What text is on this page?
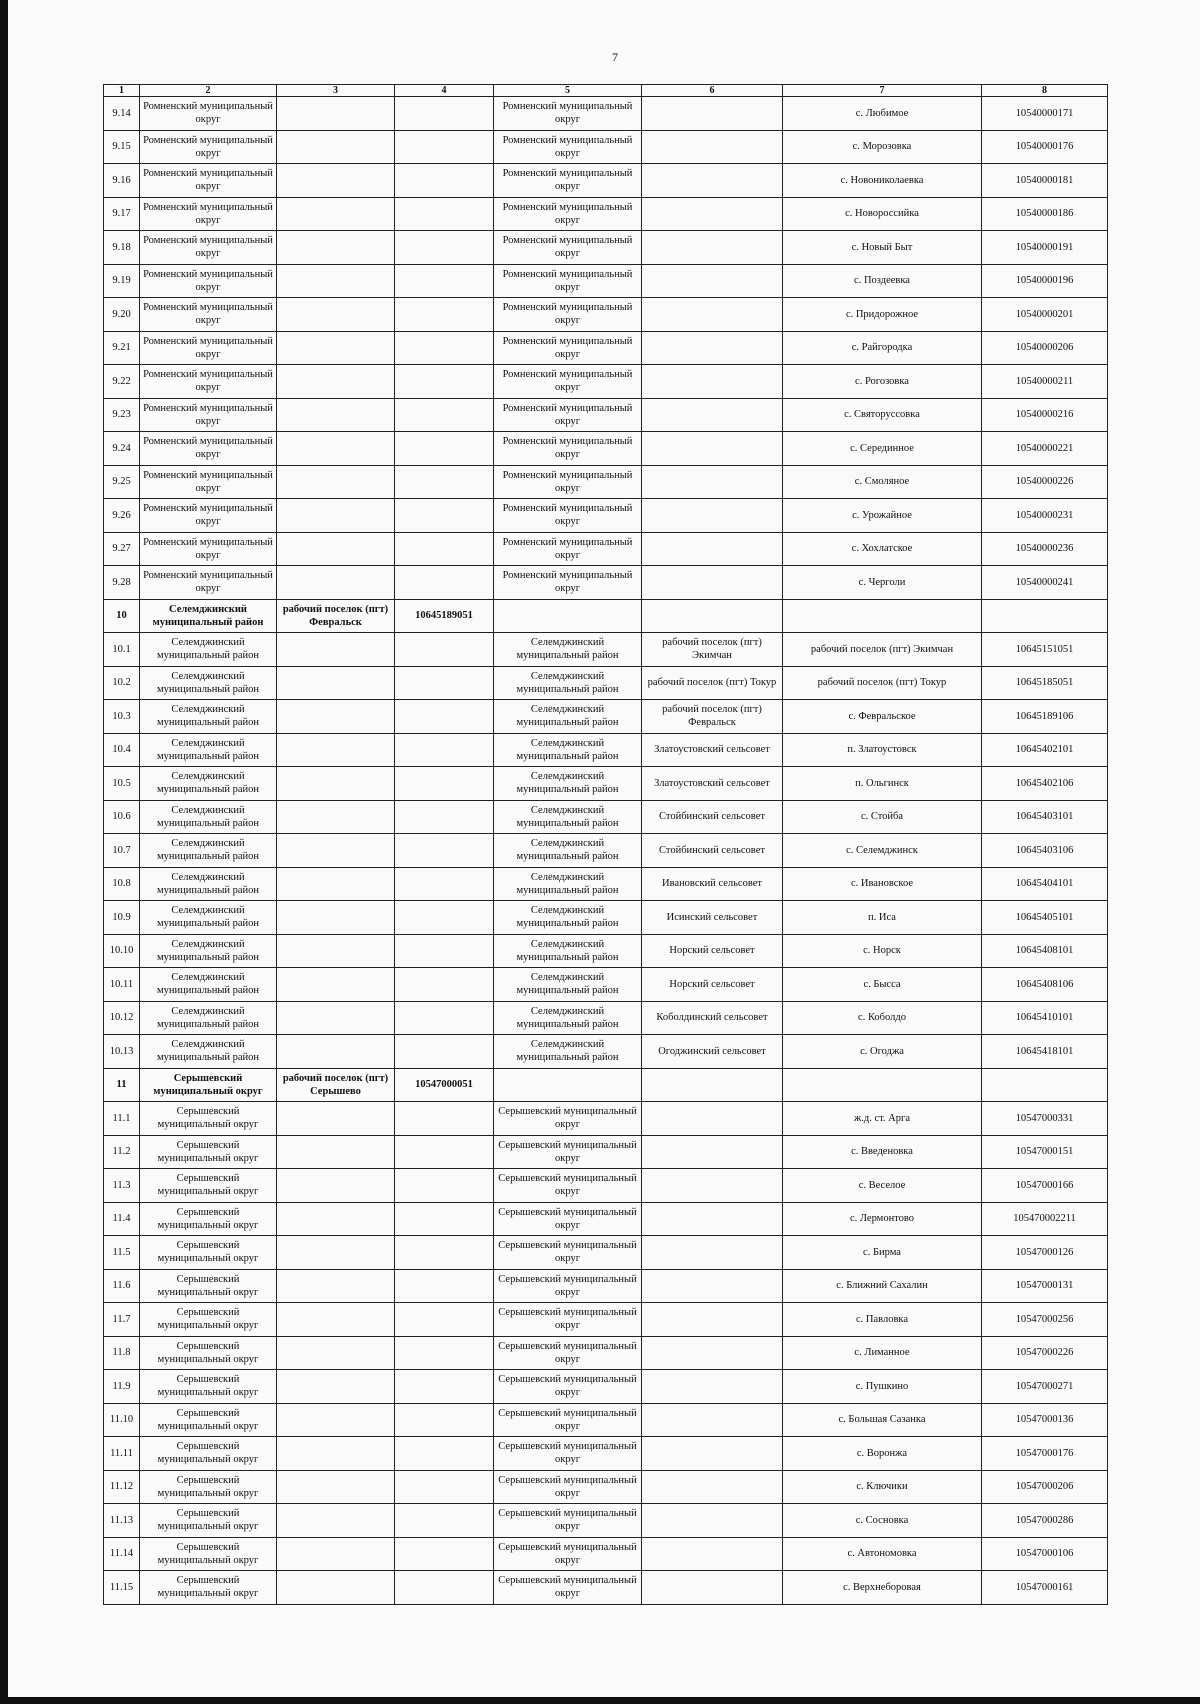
7
1	2	3	4	5	6	7	8
9.14	Ромненский муниципальный округ			Ромненский муниципальный округ		с. Любимое	10540000171
9.15	Ромненский муниципальный округ			Ромненский муниципальный округ		с. Морозовка	10540000176
9.16	Ромненский муниципальный округ			Ромненский муниципальный округ		с. Новониколаевка	10540000181
9.17	Ромненский муниципальный округ			Ромненский муниципальный округ		с. Новороссийка	10540000186
9.18	Ромненский муниципальный округ			Ромненский муниципальный округ		с. Новый Быт	10540000191
9.19	Ромненский муниципальный округ			Ромненский муниципальный округ		с. Поздеевка	10540000196
9.20	Ромненский муниципальный округ			Ромненский муниципальный округ		с. Придорожное	10540000201
9.21	Ромненский муниципальный округ			Ромненский муниципальный округ		с. Райгородка	10540000206
9.22	Ромненский муниципальный округ			Ромненский муниципальный округ		с. Рогозовка	10540000211
9.23	Ромненский муниципальный округ			Ромненский муниципальный округ		с. Святоруссовка	10540000216
9.24	Ромненский муниципальный округ			Ромненский муниципальный округ		с. Серединное	10540000221
9.25	Ромненский муниципальный округ			Ромненский муниципальный округ		с. Смоляное	10540000226
9.26	Ромненский муниципальный округ			Ромненский муниципальный округ		с. Урожайное	10540000231
9.27	Ромненский муниципальный округ			Ромненский муниципальный округ		с. Хохлатское	10540000236
9.28	Ромненский муниципальный округ			Ромненский муниципальный округ		с. Черголи	10540000241
10	Селемджинский муниципальный район	рабочий поселок (пгт) Февральск	10645189051				
10.1	Селемджинский муниципальный район			Селемджинский муниципальный район	рабочий поселок (пгт) Экимчан	рабочий поселок (пгт) Экимчан	10645151051
10.2	Селемджинский муниципальный район			Селемджинский муниципальный район	рабочий поселок (пгт) Токур	рабочий поселок (пгт) Токур	10645185051
10.3	Селемджинский муниципальный район			Селемджинский муниципальный район	рабочий поселок (пгт) Февральск	с. Февральское	10645189106
10.4	Селемджинский муниципальный район			Селемджинский муниципальный район	Златоустовский сельсовет	п. Златоустовск	10645402101
10.5	Селемджинский муниципальный район			Селемджинский муниципальный район	Златоустовский сельсовет	п. Ольгинск	10645402106
10.6	Селемджинский муниципальный район			Селемджинский муниципальный район	Стойбинский сельсовет	с. Стойба	10645403101
10.7	Селемджинский муниципальный район			Селемджинский муниципальный район	Стойбинский сельсовет	с. Селемджинск	10645403106
10.8	Селемджинский муниципальный район			Селемджинский муниципальный район	Ивановский сельсовет	с. Ивановское	10645404101
10.9	Селемджинский муниципальный район			Селемджинский муниципальный район	Исинский сельсовет	п. Иса	10645405101
10.10	Селемджинский муниципальный район			Селемджинский муниципальный район	Норский сельсовет	с. Норск	10645408101
10.11	Селемджинский муниципальный район			Селемджинский муниципальный район	Норский сельсовет	с. Бысса	10645408106
10.12	Селемджинский муниципальный район			Селемджинский муниципальный район	Коболдинский сельсовет	с. Коболдо	10645410101
10.13	Селемджинский муниципальный район			Селемджинский муниципальный район	Огоджинский сельсовет	с. Огоджа	10645418101
11	Серышевский муниципальный округ	рабочий поселок (пгт) Серышево	10547000051				
11.1	Серышевский муниципальный округ			Серышевский муниципальный округ		ж.д. ст. Арга	10547000331
11.2	Серышевский муниципальный округ			Серышевский муниципальный округ		с. Введеновка	10547000151
11.3	Серышевский муниципальный округ			Серышевский муниципальный округ		с. Веселое	10547000166
11.4	Серышевский муниципальный округ			Серышевский муниципальный округ		с. Лермонтово	105470002211
11.5	Серышевский муниципальный округ			Серышевский муниципальный округ		с. Бирма	10547000126
11.6	Серышевский муниципальный округ			Серышевский муниципальный округ		с. Ближний Сахалин	10547000131
11.7	Серышевский муниципальный округ			Серышевский муниципальный округ		с. Павловка	10547000256
11.8	Серышевский муниципальный округ			Серышевский муниципальный округ		с. Лиманное	10547000226
11.9	Серышевский муниципальный округ			Серышевский муниципальный округ		с. Пушкино	10547000271
11.10	Серышевский муниципальный округ			Серышевский муниципальный округ		с. Большая Сазанка	10547000136
11.11	Серышевский муниципальный округ			Серышевский муниципальный округ		с. Воронжа	10547000176
11.12	Серышевский муниципальный округ			Серышевский муниципальный округ		с. Ключики	10547000206
11.13	Серышевский муниципальный округ			Серышевский муниципальный округ		с. Сосновка	10547000286
11.14	Серышевский муниципальный округ			Серышевский муниципальный округ		с. Автономовка	10547000106
11.15	Серышевский муниципальный округ			Серышевский муниципальный округ		с. Верхнеборовая	10547000161
